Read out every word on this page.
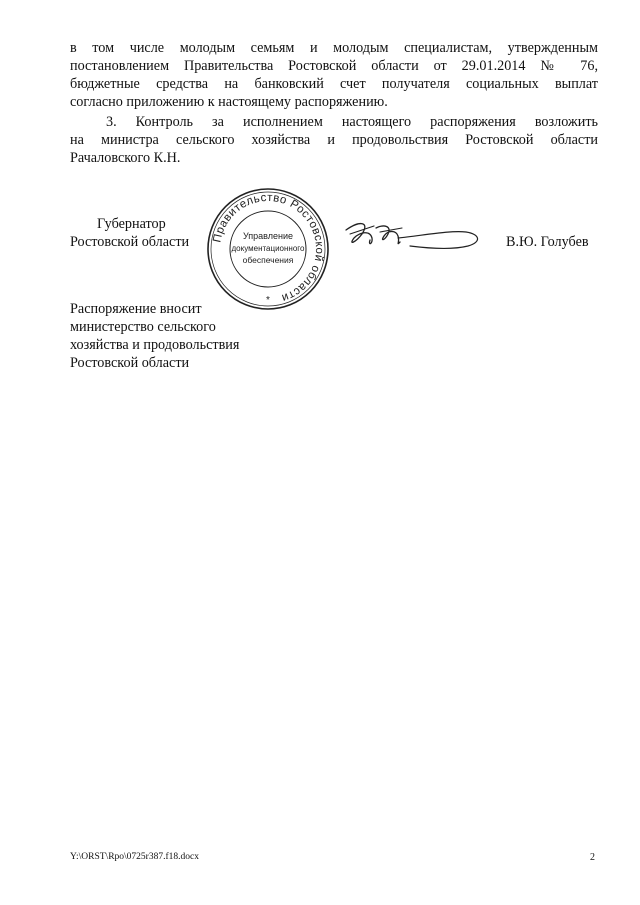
в том числе молодым семьям и молодым специалистам, утвержденным
постановлением Правительства Ростовской области от 29.01.2014 № 76,
бюджетные средства на банковский счет получателя социальных выплат
согласно приложению к настоящему распоряжению.
3. Контроль за исполнением настоящего распоряжения возложить
на министра сельского хозяйства и продовольствия Ростовской области
Рачаловского К.Н.
Губернатор
Ростовской области Правительство Ростовской области
Управление
документационного
обеспечения
*
В.Ю. Голубев
Распоряжение вносит
министерство сельского
хозяйства и продовольствия
Ростовской области
Y:\ORST\Rpo\0725r387.f18.docx	2
